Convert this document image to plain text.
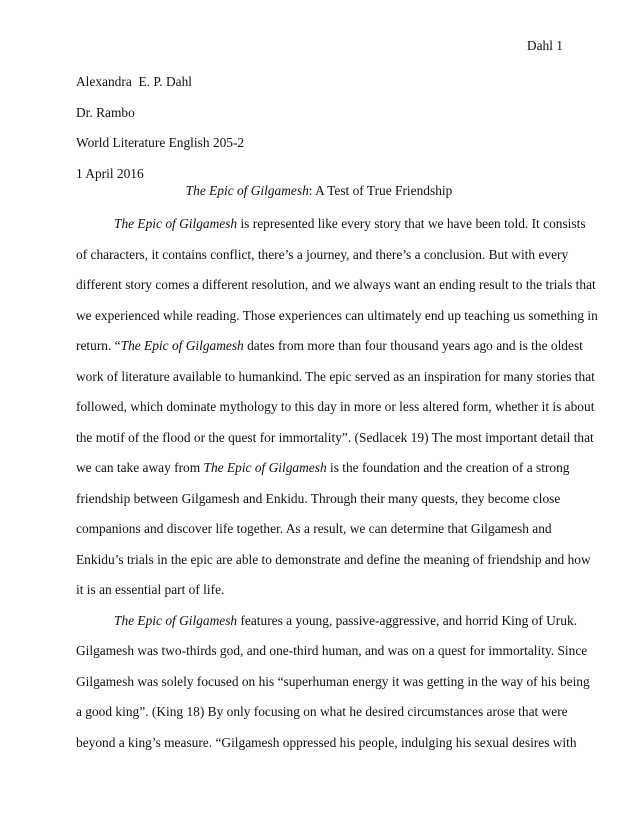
Dahl 1
Alexandra  E. P. Dahl
Dr. Rambo
World Literature English 205-2
1 April 2016
The Epic of Gilgamesh: A Test of True Friendship
The Epic of Gilgamesh is represented like every story that we have been told. It consists
of characters, it contains conflict, there’s a journey, and there’s a conclusion. But with every
different story comes a different resolution, and we always want an ending result to the trials that
we experienced while reading. Those experiences can ultimately end up teaching us something in
return. “ The Epic of Gilgamesh dates from more than four thousand years ago and is the oldest
work of literature available to humankind. The epic served as an inspiration for many stories that
followed, which dominate mythology to this day in more or less altered form, whether it is about
the motif of the flood or the quest for immortality”. (Sedlacek 19) The most important detail that
we can take away from The Epic of Gilgamesh is the foundation and the creation of a strong
friendship between Gilgamesh and Enkidu. Through their many quests, they become close
companions and discover life together. As a result, we can determine that Gilgamesh and
Enkidu’s trials in the epic are able to demonstrate and define the meaning of friendship and how
it is an essential part of life.
The Epic of Gilgamesh features a young, passive-aggressive, and horrid King of Uruk.
Gilgamesh was two-thirds god, and one-third human, and was on a quest for immortality. Since
Gilgamesh was solely focused on his “superhuman energy it was getting in the way of his being
a good king”. (King 18) By only focusing on what he desired circumstances arose that were
beyond a king’s measure. “Gilgamesh oppressed his people, indulging his sexual desires with
